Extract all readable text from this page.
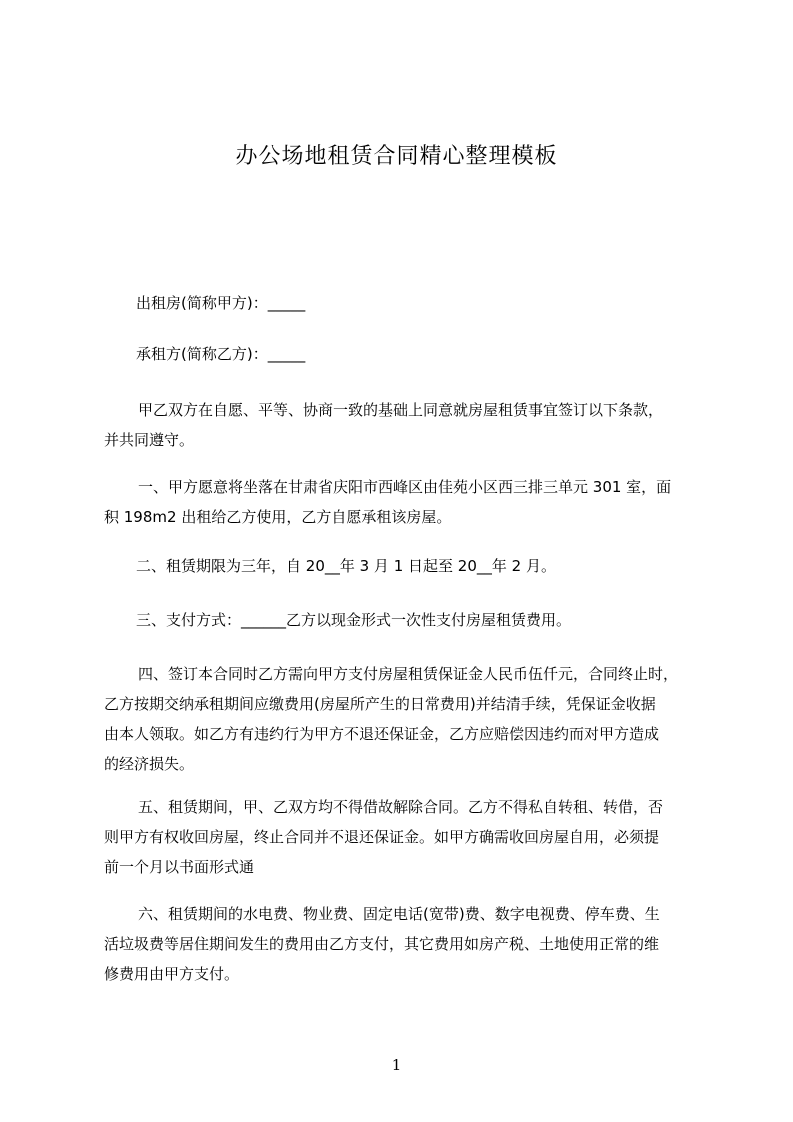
办公场地租赁合同精心整理模板
出租房(简称甲方)：_____
承租方(简称乙方)：_____
甲乙双方在自愿、平等、协商一致的基础上同意就房屋租赁事宜签订以下条款，
并共同遵守。
一、甲方愿意将坐落在甘肃省庆阳市西峰区由佳苑小区西三排三单元 301 室，面
积 198m2 出租给乙方使用，乙方自愿承租该房屋。
二、租赁期限为三年，自 20__年 3 月 1 日起至 20__年 2 月。
三、支付方式：______乙方以现金形式一次性支付房屋租赁费用。
四、签订本合同时乙方需向甲方支付房屋租赁保证金人民币伍仟元，合同终止时，
乙方按期交纳承租期间应缴费用(房屋所产生的日常费用)并结清手续，凭保证金收据
由本人领取。如乙方有违约行为甲方不退还保证金，乙方应赔偿因违约而对甲方造成
的经济损失。
五、租赁期间，甲、乙双方均不得借故解除合同。乙方不得私自转租、转借，否
则甲方有权收回房屋，终止合同并不退还保证金。如甲方确需收回房屋自用，必须提
前一个月以书面形式通
六、租赁期间的水电费、物业费、固定电话(宽带)费、数字电视费、停车费、生
活垃圾费等居住期间发生的费用由乙方支付，其它费用如房产税、土地使用正常的维
修费用由甲方支付。
1
